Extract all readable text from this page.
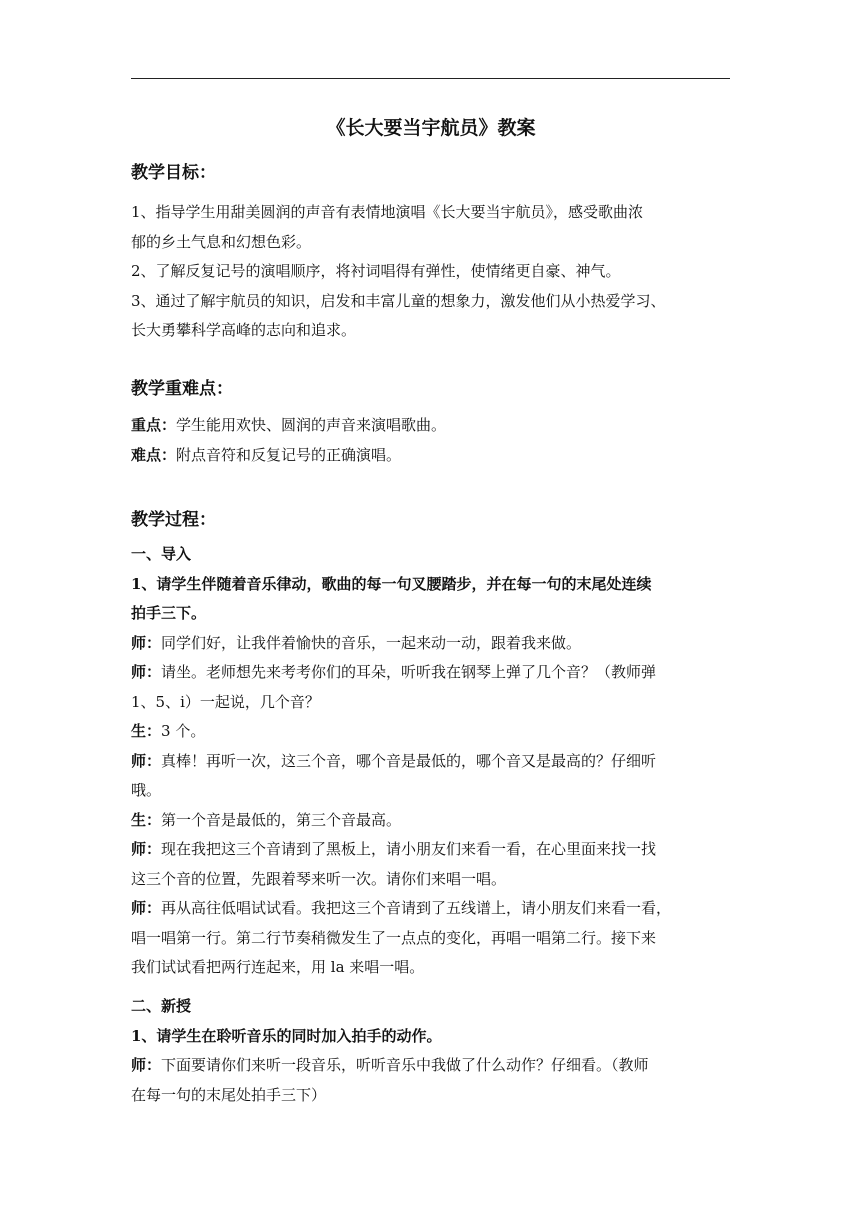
《长大要当宇航员》教案
教学目标：
1、指导学生用甜美圆润的声音有表情地演唱《长大要当宇航员》，感受歌曲浓
郁的乡土气息和幻想色彩。
2、了解反复记号的演唱顺序，将衬词唱得有弹性，使情绪更自豪、神气。
3、通过了解宇航员的知识，启发和丰富儿童的想象力，激发他们从小热爱学习、
长大勇攀科学高峰的志向和追求。
教学重难点：
重点：学生能用欢快、圆润的声音来演唱歌曲。
难点：附点音符和反复记号的正确演唱。
教学过程：
一、导入
1、请学生伴随着音乐律动，歌曲的每一句叉腰踏步，并在每一句的末尾处连续
拍手三下。
师：同学们好，让我伴着愉快的音乐，一起来动一动，跟着我来做。
师：请坐。老师想先来考考你们的耳朵，听听我在钢琴上弹了几个音？（教师弹
1、5、i）一起说，几个音？
生：3 个。
师：真棒！再听一次，这三个音，哪个音是最低的，哪个音又是最高的？仔细听
哦。
生：第一个音是最低的，第三个音最高。
师：现在我把这三个音请到了黑板上，请小朋友们来看一看，在心里面来找一找
这三个音的位置，先跟着琴来听一次。请你们来唱一唱。
师：再从高往低唱试试看。我把这三个音请到了五线谱上，请小朋友们来看一看，
唱一唱第一行。第二行节奏稍微发生了一点点的变化，再唱一唱第二行。接下来
我们试试看把两行连起来，用 la 来唱一唱。
二、新授
1、请学生在聆听音乐的同时加入拍手的动作。
师：下面要请你们来听一段音乐，听听音乐中我做了什么动作？仔细看。（教师
在每一句的末尾处拍手三下）
